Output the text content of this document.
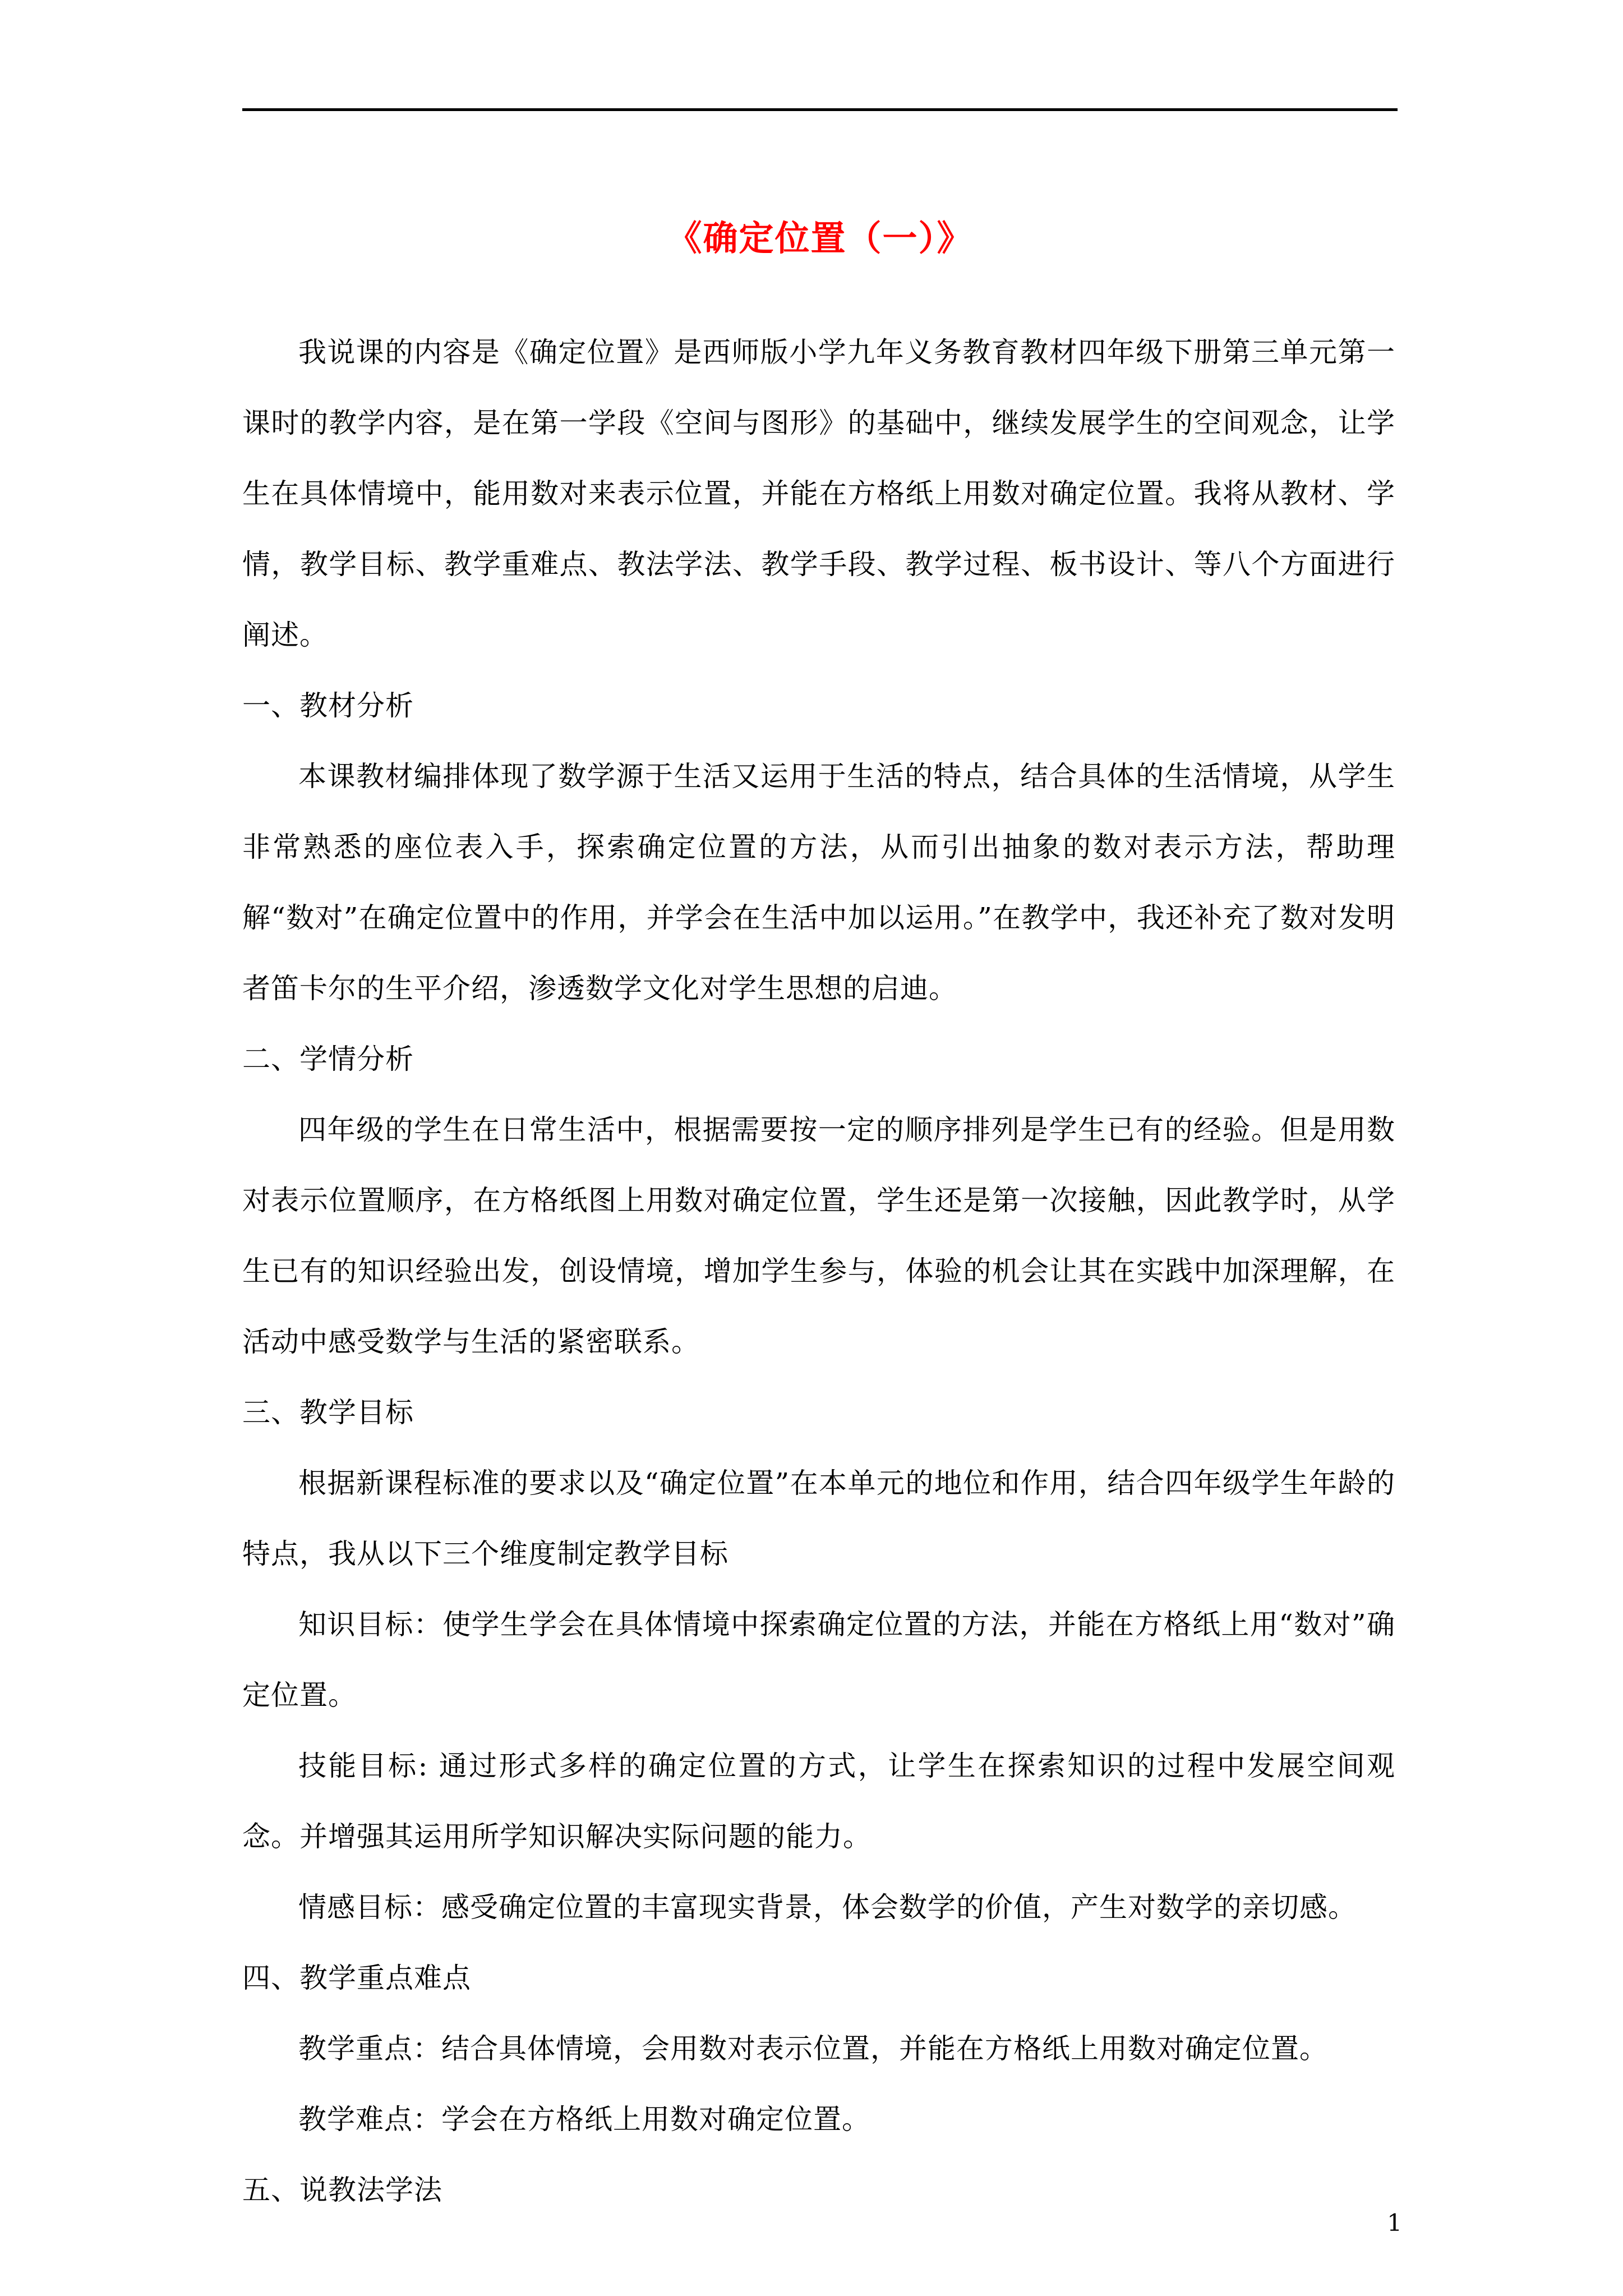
《确定位置（一）》

我说课的内容是《确定位置》是西师版小学九年义务教育教材四年级下册第三单元第一课时的教学内容，是在第一学段《空间与图形》的基础中，继续发展学生的空间观念，让学生在具体情境中，能用数对来表示位置，并能在方格纸上用数对确定位置。我将从教材、学情，教学目标、教学重难点、教法学法、教学手段、教学过程、板书设计、等八个方面进行阐述。

一、教材分析

本课教材编排体现了数学源于生活又运用于生活的特点，结合具体的生活情境，从学生非常熟悉的座位表入手，探索确定位置的方法，从而引出抽象的数对表示方法，帮助理解“数对”在确定位置中的作用，并学会在生活中加以运用。”在教学中，我还补充了数对发明者笛卡尔的生平介绍，渗透数学文化对学生思想的启迪。

二、学情分析

四年级的学生在日常生活中，根据需要按一定的顺序排列是学生已有的经验。但是用数对表示位置顺序，在方格纸图上用数对确定位置，学生还是第一次接触，因此教学时，从学生已有的知识经验出发，创设情境，增加学生参与，体验的机会让其在实践中加深理解，在活动中感受数学与生活的紧密联系。

三、教学目标

根据新课程标准的要求以及“确定位置”在本单元的地位和作用，结合四年级学生年龄的特点，我从以下三个维度制定教学目标

知识目标：使学生学会在具体情境中探索确定位置的方法，并能在方格纸上用“数对”确定位置。

技能目标: 通过形式多样的确定位置的方式，让学生在探索知识的过程中发展空间观念。并增强其运用所学知识解决实际问题的能力。

情感目标：感受确定位置的丰富现实背景，体会数学的价值，产生对数学的亲切感。

四、教学重点难点

教学重点：结合具体情境，会用数对表示位置，并能在方格纸上用数对确定位置。

教学难点：学会在方格纸上用数对确定位置。

五、说教法学法

1
